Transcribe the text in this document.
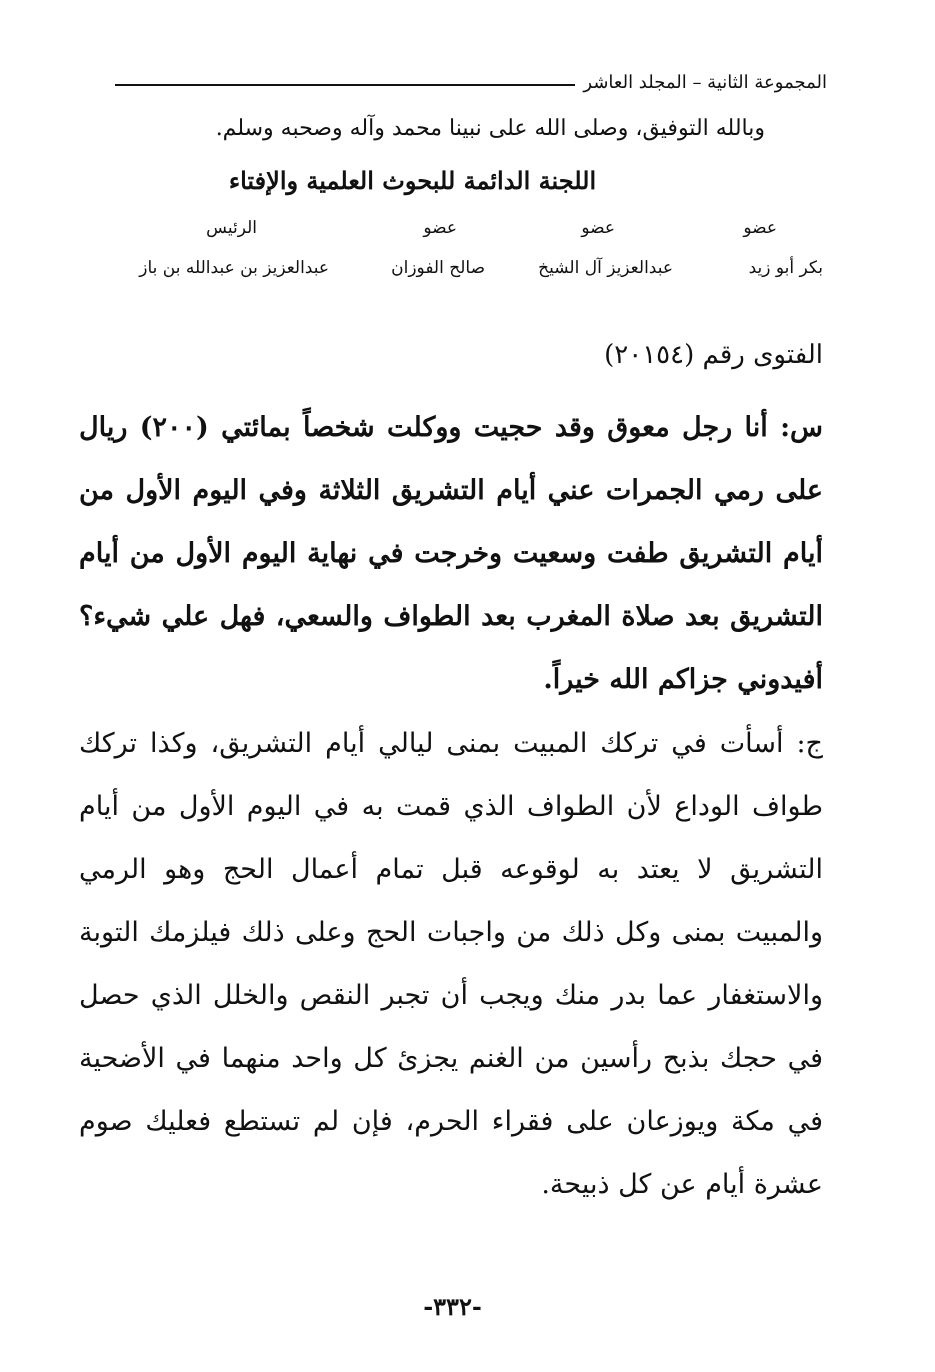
المجموعة الثانية – المجلد العاشر
وبالله التوفيق، وصلى الله على نبينا محمد وآله وصحبه وسلم.
اللجنة الدائمة للبحوث العلمية والإفتاء
عضو
عضو
عضو
الرئيس
بكر أبو زيد
عبدالعزيز آل الشيخ
صالح الفوزان
عبدالعزيز بن عبدالله بن باز
الفتوى رقم (٢٠١٥٤)
س: أنا رجل معوق وقد حجيت ووكلت شخصاً بمائتي (٢٠٠) ريال على رمي الجمرات عني أيام التشريق الثلاثة وفي اليوم الأول من أيام التشريق طفت وسعيت وخرجت في نهاية اليوم الأول من أيام التشريق بعد صلاة المغرب بعد الطواف والسعي، فهل علي شيء؟ أفيدوني جزاكم الله خيراً.
ج: أسأت في تركك المبيت بمنى ليالي أيام التشريق، وكذا تركك طواف الوداع لأن الطواف الذي قمت به في اليوم الأول من أيام التشريق لا يعتد به لوقوعه قبل تمام أعمال الحج وهو الرمي والمبيت بمنى وكل ذلك من واجبات الحج وعلى ذلك فيلزمك التوبة والاستغفار عما بدر منك ويجب أن تجبر النقص والخلل الذي حصل في حجك بذبح رأسين من الغنم يجزئ كل واحد منهما في الأضحية في مكة ويوزعان على فقراء الحرم، فإن لم تستطع فعليك صوم عشرة أيام عن كل ذبيحة.
-٣٣٢-
